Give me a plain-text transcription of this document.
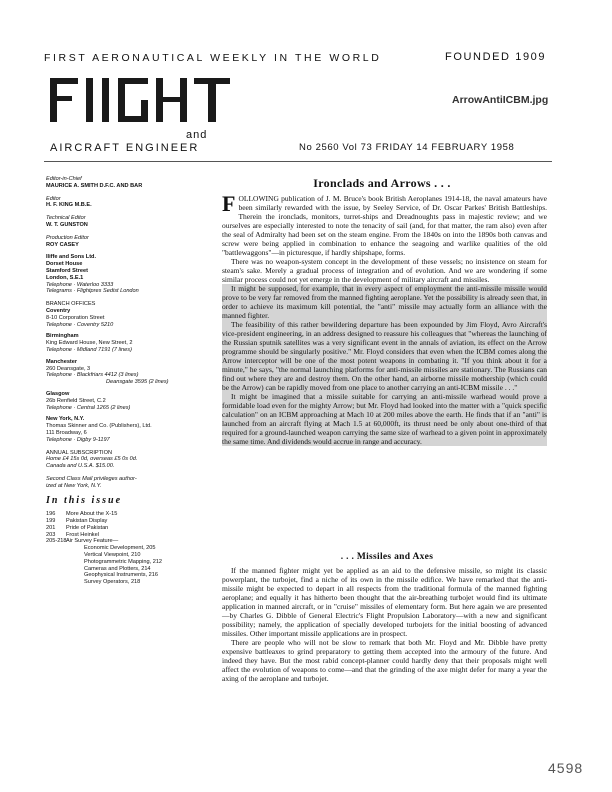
FIRST AERONAUTICAL WEEKLY IN THE WORLD	FOUNDED 1909
and
AIRCRAFT ENGINEER	No 2560 Vol 73 FRIDAY 14 FEBRUARY 1958
ArrowAntiICBM.jpg
Editor-in-Chief
MAURICE A. SMITH D.F.C. AND BAR
Editor
H. F. KING M.B.E.
Technical Editor
W. T. GUNSTON
Production Editor
ROY CASEY
Iliffe and Sons Ltd.
Dorset House
Stamford Street
London, S.E.1
Telephone · Waterloo 3333
Telegrams · Flightpres Sedist London
BRANCH OFFICES
Coventry
8-10 Corporation Street
Telephone · Coventry 5210
Birmingham
King Edward House, New Street, 2
Telephone · Midland 7191 (7 lines)
Manchester
260 Deansgate, 3
Telephone · Blackfriars 4412 (3 lines)
Deansgate 3595 (2 lines)
Glasgow
26b Renfield Street, C.2
Telephone · Central 1265 (2 lines)
New York, N.Y.
Thomas Skinner and Co. (Publishers), Ltd.
111 Broadway, 6
Telephone · Digby 9-1197
ANNUAL SUBSCRIPTION
Home £4 15s 0d, overseas £5 0s 0d.
Canada and U.S.A. $15.00.
Second Class Mail privileges author-
ized at New York, N.Y.
In this issue
196 More About the X-15
199 Pakistan Display
201 Pride of Pakistan
203 Frost Heinkel
205-218Air Survey Feature—
Economic Development, 205
Vertical Viewpoint, 210
Photogrammetric Mapping, 212
Cameras and Plotters, 214
Geophysical Instruments, 216
Survey Operators, 218
Ironclads and Arrows . . .

FOLLOWING publication of J. M. Bruce's book British Aeroplanes 1914-18, the naval amateurs have been similarly rewarded with the issue, by Seeley Service, of Dr. Oscar Parkes' British Battleships. Therein the ironclads, monitors, turret-ships and Dreadnoughts pass in majestic review; and we ourselves are especially interested to note the tenacity of sail (and, for that matter, the ram also) even after the seal of Admiralty had been set on the steam engine. From the 1840s on into the 1890s both canvas and screw were being applied in combination to enhance the seagoing and warlike qualities of the old "battlewaggons"—in picturesque, if hardly shipshape, forms.

There was no weapon-system concept in the development of these vessels; no insistence on steam for steam's sake. Merely a gradual process of integration and of evolution. And we are wondering if some similar process could not yet emerge in the development of military aircraft and missiles.

It might be supposed, for example, that in every aspect of employment the anti-missile missile would prove to be very far removed from the manned fighting aeroplane. Yet the possibility is already seen that, in order to achieve its maximum kill potential, the "anti" missile may actually form an alliance with the manned fighter.

The feasibility of this rather bewildering departure has been expounded by Jim Floyd, Avro Aircraft's vice-president engineering, in an address designed to reassure his colleagues that "whereas the launching of the Russian sputnik satellites was a very significant event in the annals of aviation, its effect on the Arrow programme should be singularly positive." Mr. Floyd considers that even when the ICBM comes along the Arrow interceptor will be one of the most potent weapons in combating it. "If you think about it for a minute," he says, "the normal launching platforms for anti-missile missiles are stationary. The Russians can find out where they are and destroy them. On the other hand, an airborne missile mothership (which could be the Arrow) can be rapidly moved from one place to another carrying an anti-ICBM missile . . ."

It might be imagined that a missile suitable for carrying an anti-missile warhead would prove a formidable load even for the mighty Arrow; but Mr. Floyd had looked into the matter with a "quick specific calculation" on an ICBM approaching at Mach 10 at 200 miles above the earth. He finds that if an "anti" is launched from an aircraft flying at Mach 1.5 at 60,000ft, its thrust need be only about one-third of that required for a ground-launched weapon carrying the same size of warhead to a given point in approximately the same time. And dividends would accrue in range and accuracy.

. . . Missiles and Axes

If the manned fighter might yet be applied as an aid to the defensive missile, so might its classic powerplant, the turbojet, find a niche of its own in the missile edifice. We have remarked that the anti-missile might be expected to depart in all respects from the traditional formula of the manned fighting aeroplane; and equally it has hitherto been thought that the air-breathing turbojet would find its ultimate application in manned aircraft, or in "cruise" missiles of elementary form. But here again we are presented—by Charles G. Dibble of General Electric's Flight Propulsion Laboratory—with a new and significant possibility; namely, the application of specially developed turbojets for the initial boosting of advanced missiles. Other important missile applications are in prospect.

There are people who will not be slow to remark that both Mr. Floyd and Mr. Dibble have pretty expensive battleaxes to grind preparatory to getting them accepted into the armoury of the future. And indeed they have. But the most rabid concept-planner could hardly deny that their proposals might well affect the evolution of weapons to come—and that the grinding of the axe might defer for many a year the axing of the aeroplane and turbojet.

4598
